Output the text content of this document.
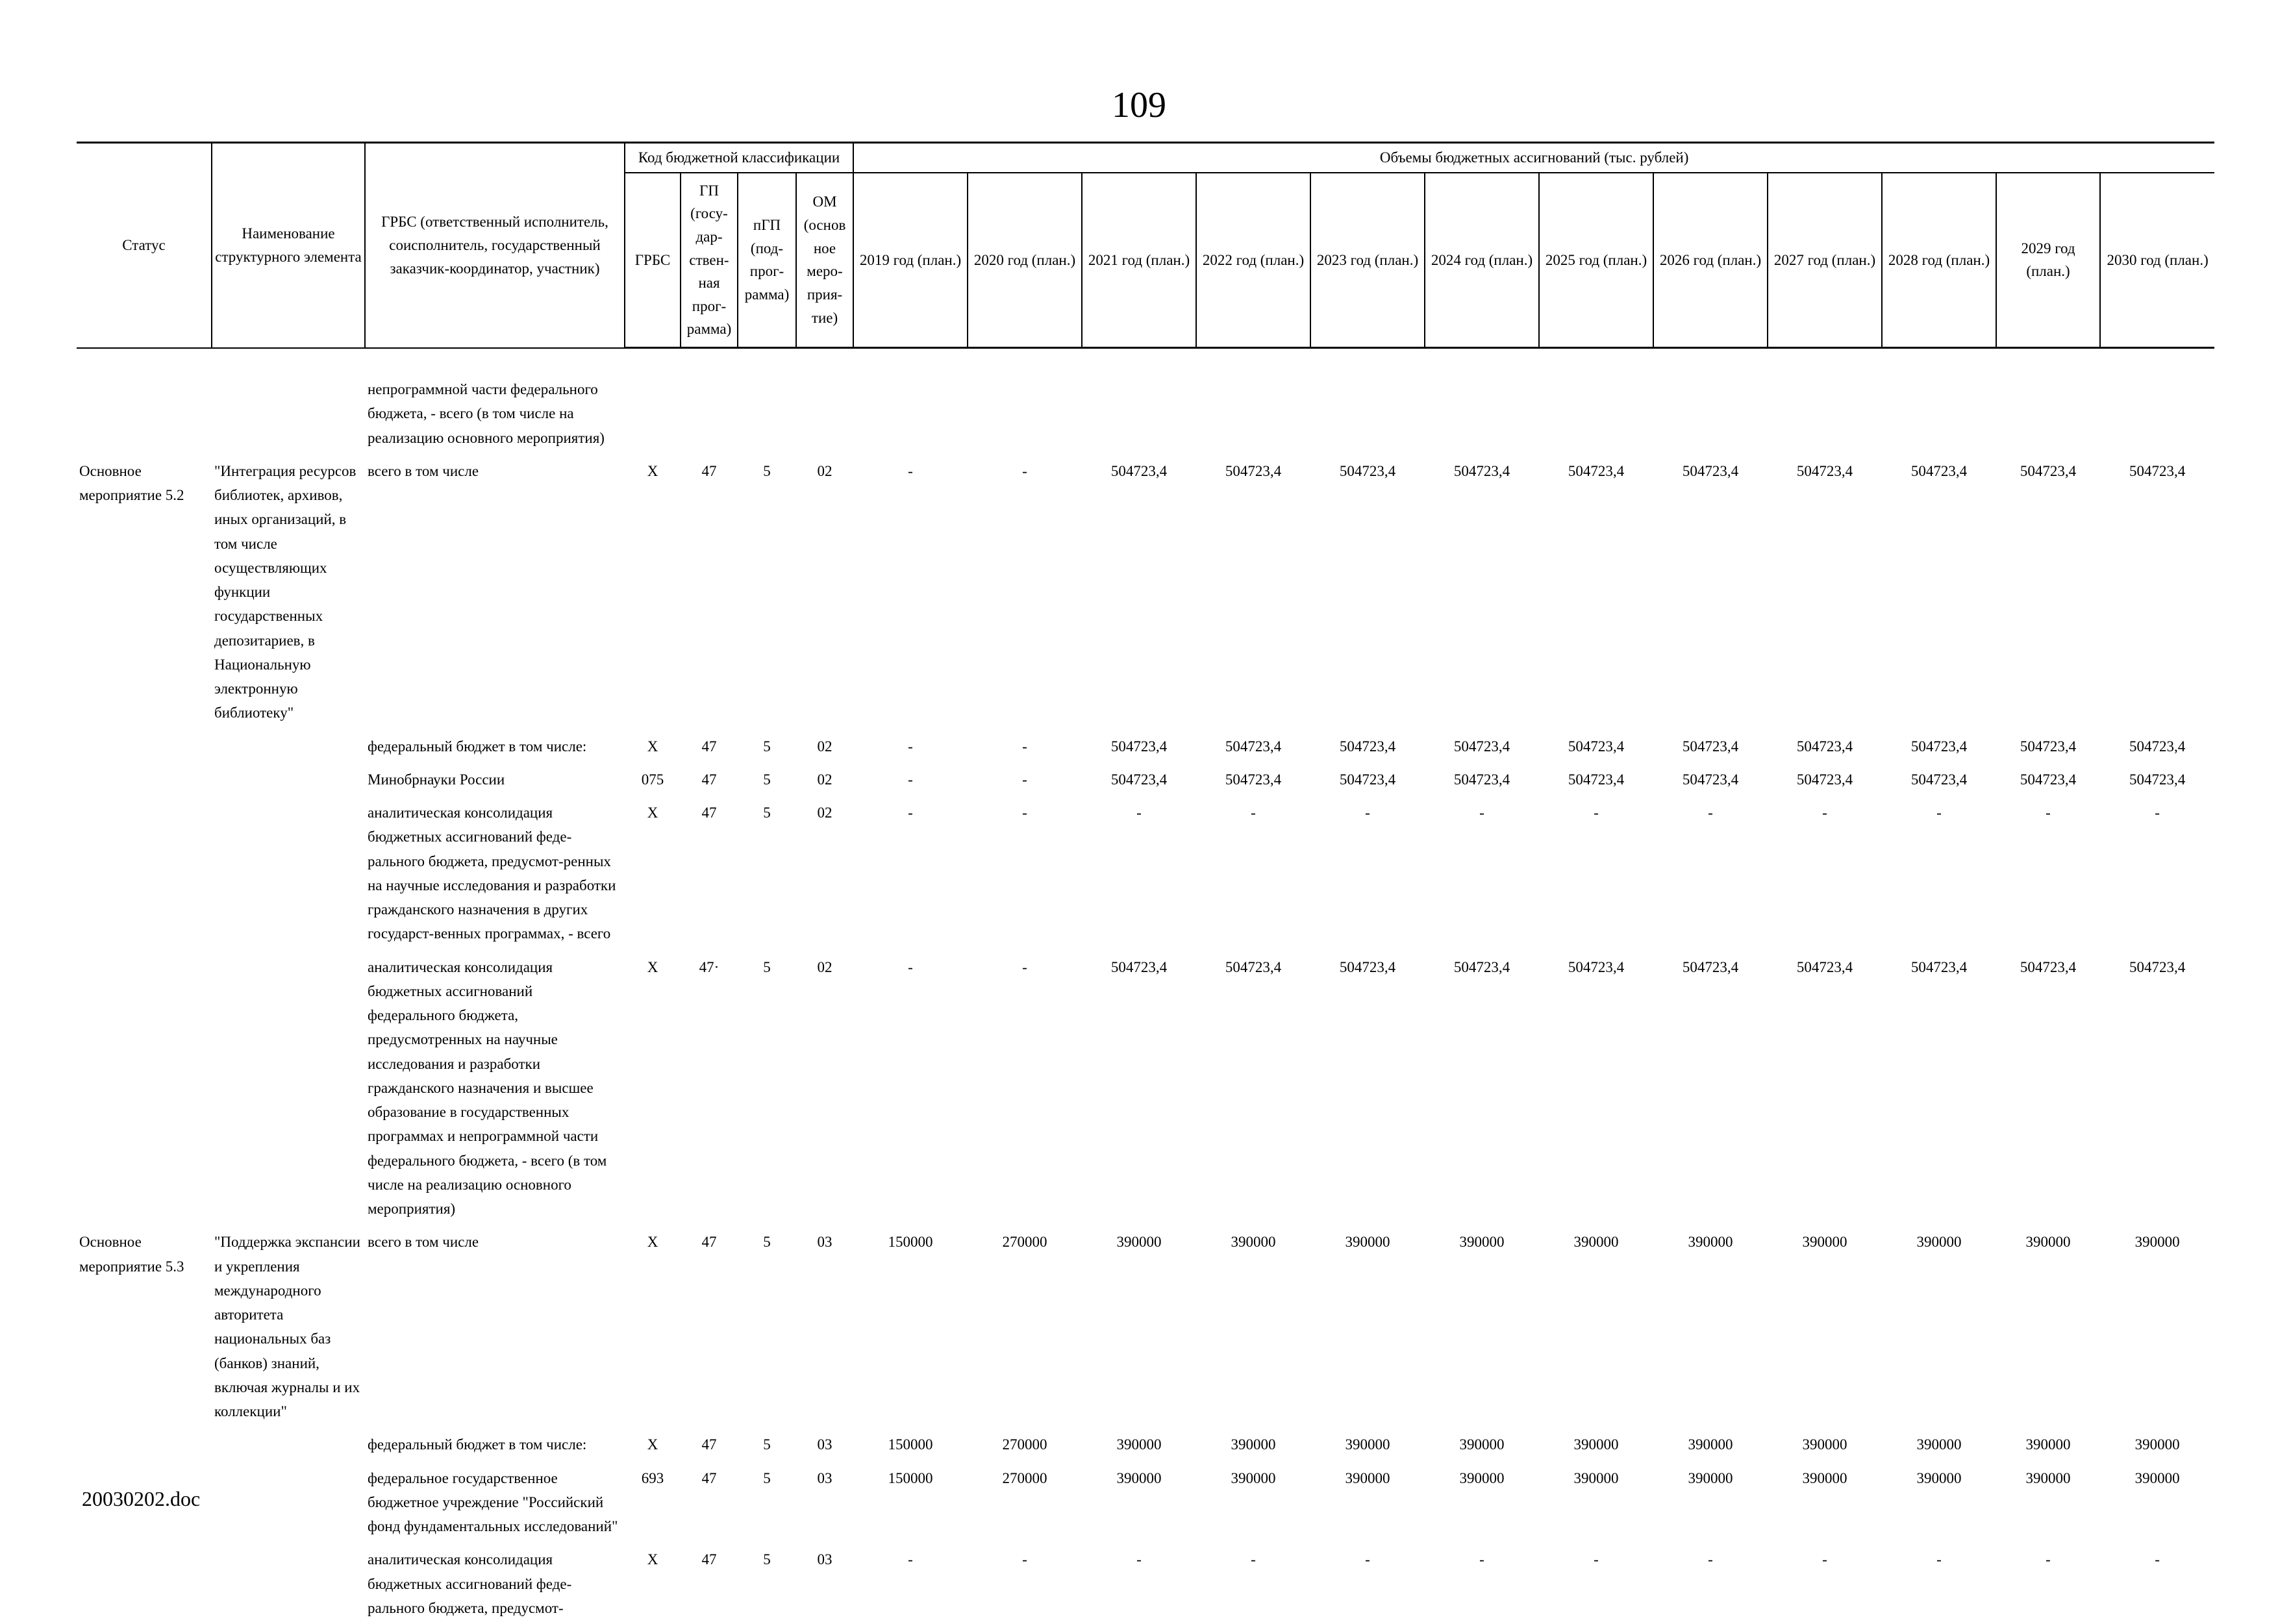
109
Статус	Наименование структурного элемента	ГРБС (ответственный исполнитель, соисполнитель, государственный заказчик-координатор, участник)	Код бюджетной классификации				Объемы бюджетных ассигнований (тыс. рублей)											
			ГРБС	ГП (госу-дар-ствен-ная прог-рамма)	пГП (под-прог-рамма)	ОМ (основ ное меро-прия-тие)	2019 год (план.)	2020 год (план.)	2021 год (план.)	2022 год (план.)	2023 год (план.)	2024 год (план.)	2025 год (план.)	2026 год (план.)	2027 год (план.)	2028 год (план.)	2029 год (план.)	2030 год (план.)

		непрограммной части федерального бюджета, - всего (в том числе на реализацию основного мероприятия)																
Основное мероприятие 5.2	"Интеграция ресурсов библиотек, архивов, иных организаций, в том числе осуществляющих функции государственных депозитариев, в Национальную электронную библиотеку"	всего в том числе	Х	47	5	02	-	-	504723,4	504723,4	504723,4	504723,4	504723,4	504723,4	504723,4	504723,4	504723,4	504723,4
		федеральный бюджет в том числе:	Х	47	5	02	-	-	504723,4	504723,4	504723,4	504723,4	504723,4	504723,4	504723,4	504723,4	504723,4	504723,4
		Минобрнауки России	075	47	5	02	-	-	504723,4	504723,4	504723,4	504723,4	504723,4	504723,4	504723,4	504723,4	504723,4	504723,4
		аналитическая консолидация бюджетных ассигнований феде-рального бюджета, предусмот-ренных на научные исследования и разработки гражданского назначения в других государст-венных программах, - всего	Х	47	5	02	-	-	-	-	-	-	-	-	-	-	-	-
		аналитическая консолидация бюджетных ассигнований федерального бюджета, предусмотренных на научные исследования и разработки гражданского назначения и высшее образование в государственных программах и непрограммной части федерального бюджета, - всего (в том числе на реализацию основного мероприятия)	Х	47·	5	02	-	-	504723,4	504723,4	504723,4	504723,4	504723,4	504723,4	504723,4	504723,4	504723,4	504723,4
Основное мероприятие 5.3	"Поддержка экспансии и укрепления международного авторитета национальных баз (банков) знаний, включая журналы и их коллекции"	всего в том числе	Х	47	5	03	150000	270000	390000	390000	390000	390000	390000	390000	390000	390000	390000	390000
		федеральный бюджет в том числе:	Х	47	5	03	150000	270000	390000	390000	390000	390000	390000	390000	390000	390000	390000	390000
		федеральное государственное бюджетное учреждение "Российский фонд фундаментальных исследований"	693	47	5	03	150000	270000	390000	390000	390000	390000	390000	390000	390000	390000	390000	390000
		аналитическая консолидация бюджетных ассигнований феде-рального бюджета, предусмот-	Х	47	5	03	-	-	-	-	-	-	-	-	-	-	-	-
20030202.doc
